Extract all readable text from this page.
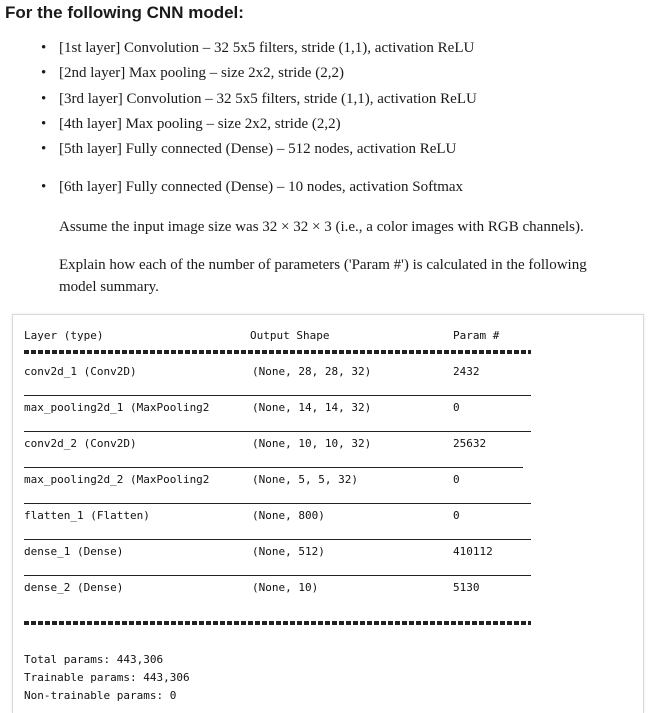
For the following CNN model:
• [1st layer] Convolution – 32 5x5 filters, stride (1,1), activation ReLU
• [2nd layer] Max pooling – size 2x2, stride (2,2)
• [3rd layer] Convolution – 32 5x5 filters, stride (1,1), activation ReLU
• [4th layer] Max pooling – size 2x2, stride (2,2)
• [5th layer] Fully connected (Dense) – 512 nodes, activation ReLU
• [6th layer] Fully connected (Dense) – 10 nodes, activation Softmax
Assume the input image size was 32 × 32 × 3 (i.e., a color images with RGB channels).
Explain how each of the number of parameters ('Param #') is calculated in the following
model summary.
Layer (type)	Output Shape	Param #
conv2d_1 (Conv2D)	(None, 28, 28, 32)	2432
max_pooling2d_1 (MaxPooling2	(None, 14, 14, 32)	0
conv2d_2 (Conv2D)	(None, 10, 10, 32)	25632
max_pooling2d_2 (MaxPooling2	(None, 5, 5, 32)	0
flatten_1 (Flatten)	(None, 800)	0
dense_1 (Dense)	(None, 512)	410112
dense_2 (Dense)	(None, 10)	5130
Total params: 443,306
Trainable params: 443,306
Non-trainable params: 0
